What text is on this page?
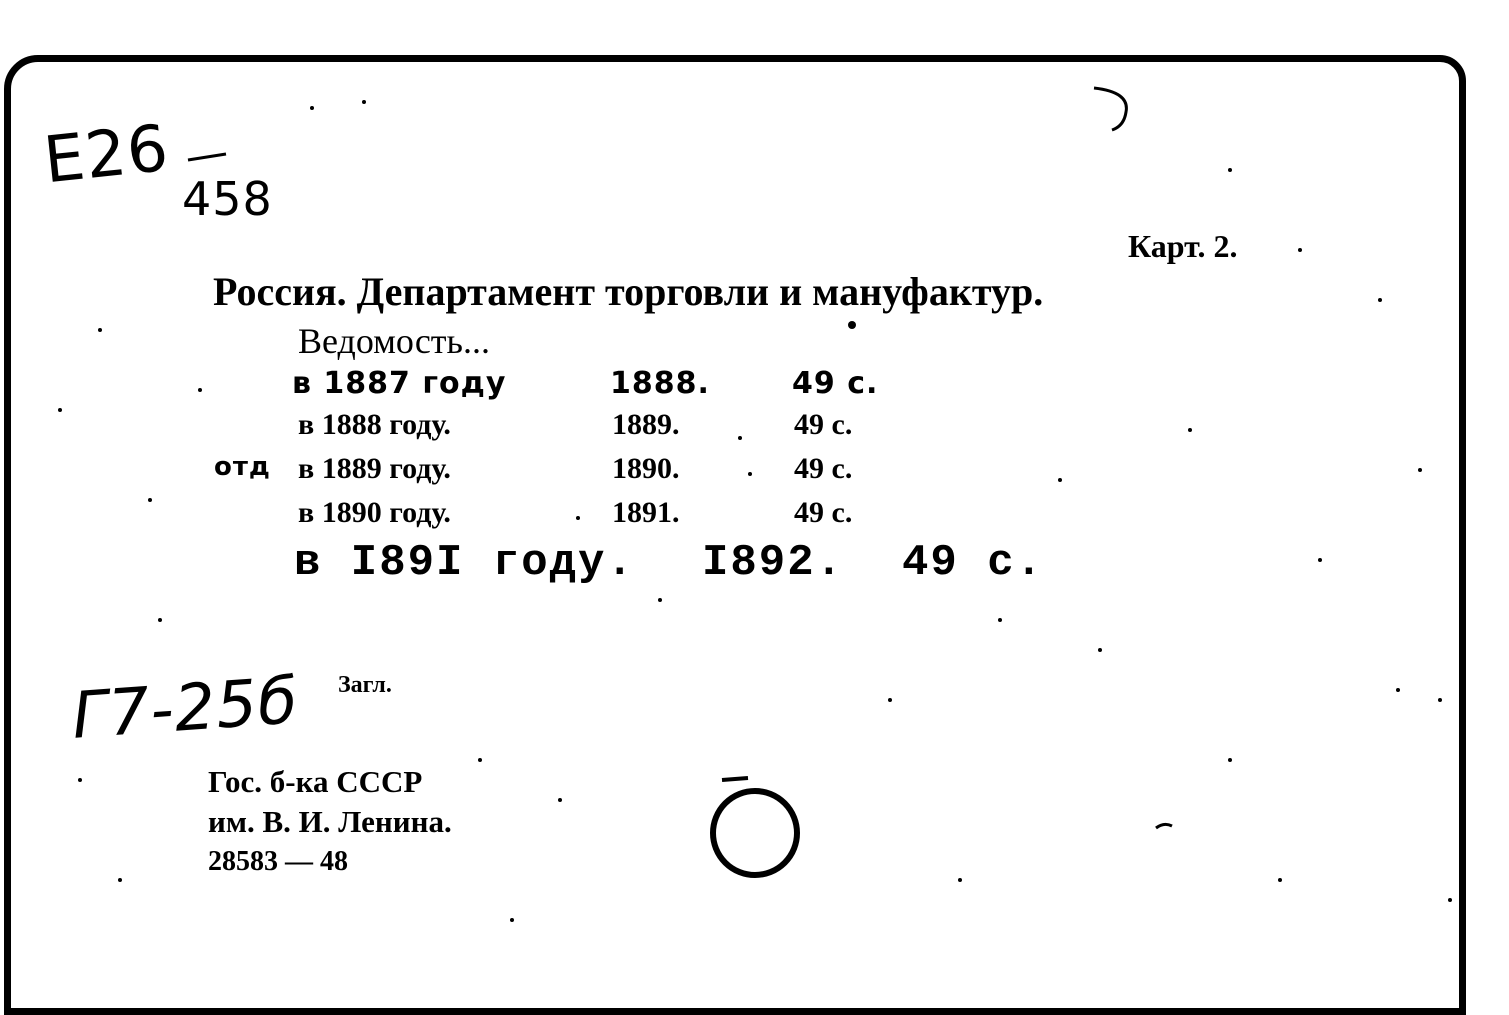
E26
458
Карт. 2.
Россия. Департамент торговли и мануфактур.
Ведомость...
в 1887 году	1888.	49 с.
в 1888 году.	1889.	49 с.
в 1889 году.	1890.	49 с.
в 1890 году.	1891.	49 с.
отд
в I89I году. I892. 49 с.
Г7-25б Загл.
Гос. б-ка СССР
им. В. И. Ленина.
28583 — 48
